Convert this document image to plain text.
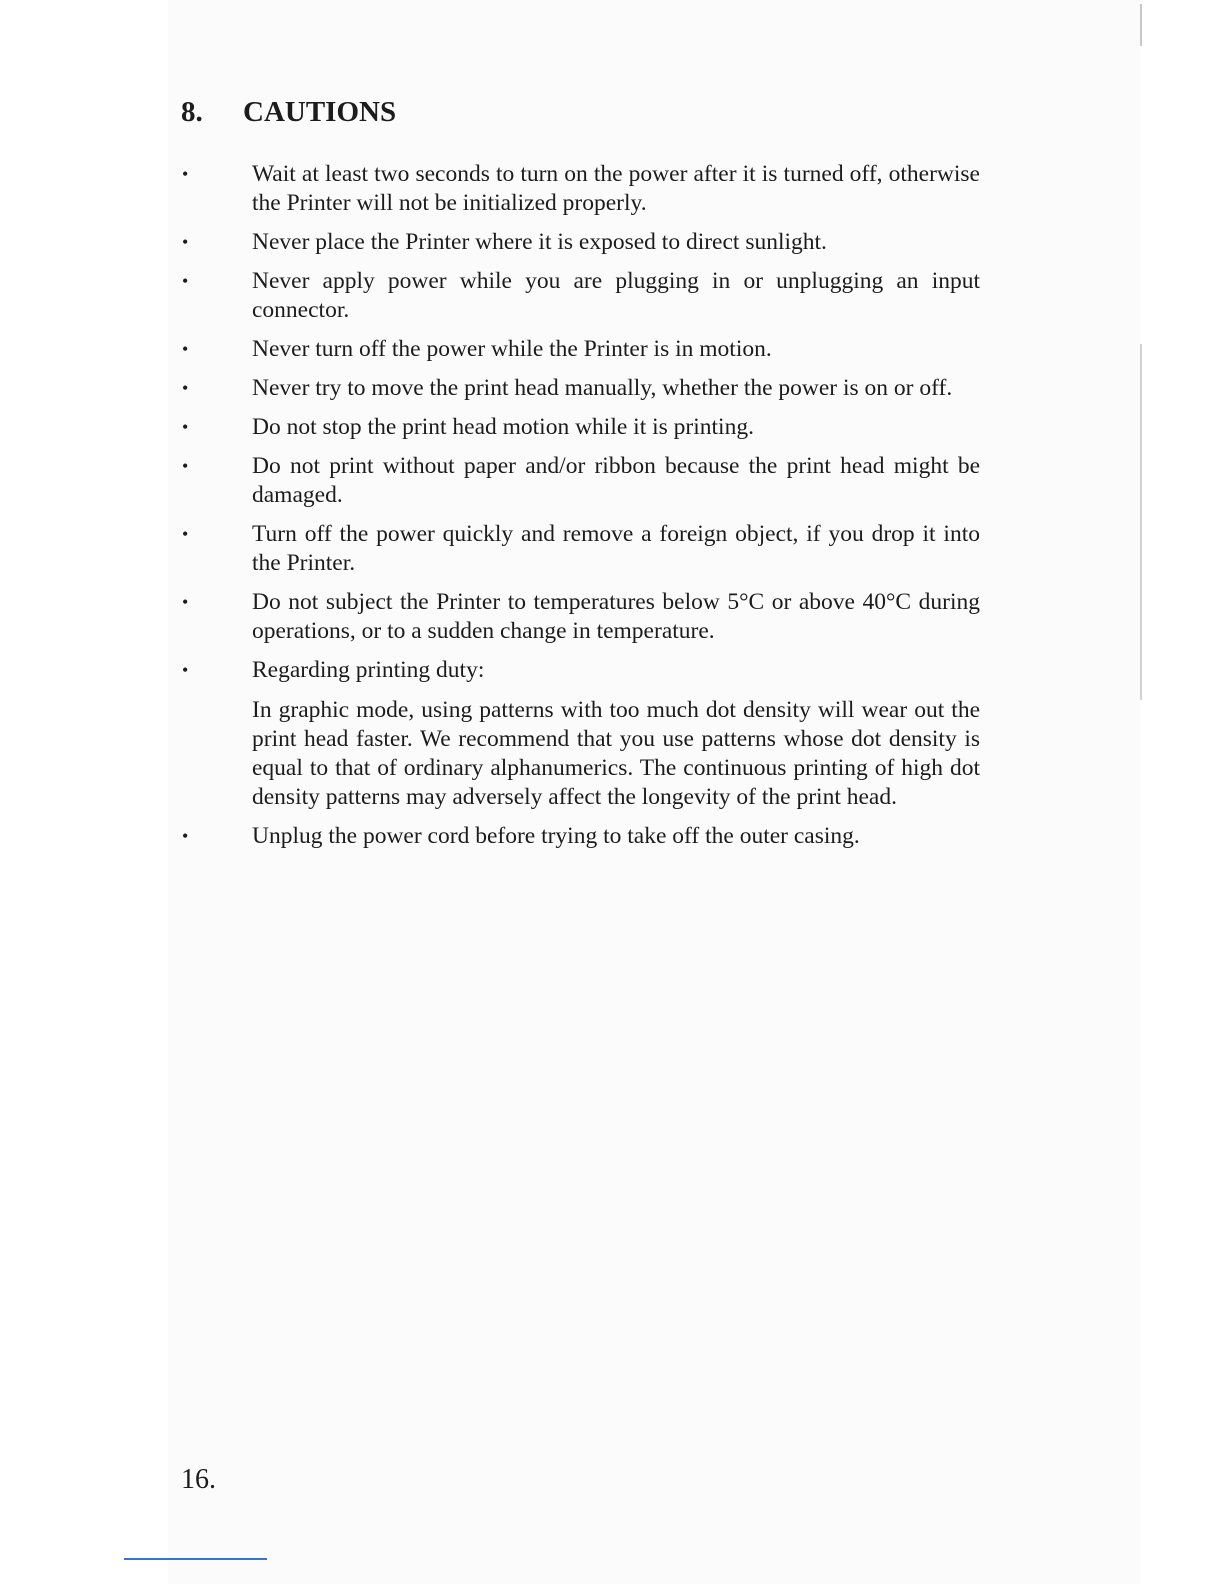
8.	CAUTIONS
•	Wait at least two seconds to turn on the power after it is turned off, otherwise the Printer will not be initialized properly.

•	Never place the Printer where it is exposed to direct sunlight.

•	Never apply power while you are plugging in or unplugging an input connector.

•	Never turn off the power while the Printer is in motion.

•	Never try to move the print head manually, whether the power is on or off.

•	Do not stop the print head motion while it is printing.

•	Do not print without paper and/or ribbon because the print head might be damaged.

•	Turn off the power quickly and remove a foreign object, if you drop it into the Printer.

•	Do not subject the Printer to temperatures below 5°C or above 40°C during operations, or to a sudden change in temperature.

•	Regarding printing duty:

In graphic mode, using patterns with too much dot density will wear out the print head faster. We recommend that you use patterns whose dot density is equal to that of ordinary alphanumerics. The continuous printing of high dot density patterns may adversely affect the longevity of the print head.

•	Unplug the power cord before trying to take off the outer casing.

16.
